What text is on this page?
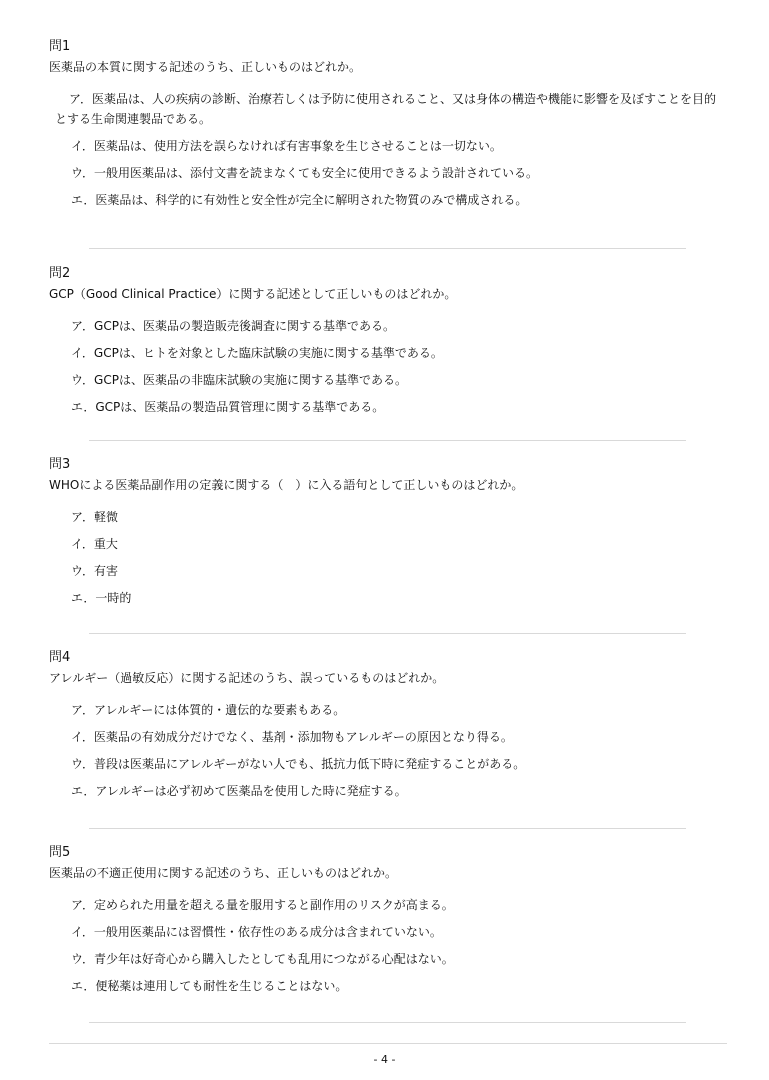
問1
医薬品の本質に関する記述のうち、正しいものはどれか。
ア．医薬品は、人の疾病の診断、治療若しくは予防に使用されること、又は身体の構造や機能に影響を及ぼすことを目的とする生命関連製品である。
イ．医薬品は、使用方法を誤らなければ有害事象を生じさせることは一切ない。
ウ．一般用医薬品は、添付文書を読まなくても安全に使用できるよう設計されている。
エ．医薬品は、科学的に有効性と安全性が完全に解明された物質のみで構成される。
問2
GCP（Good Clinical Practice）に関する記述として正しいものはどれか。
ア．GCPは、医薬品の製造販売後調査に関する基準である。
イ．GCPは、ヒトを対象とした臨床試験の実施に関する基準である。
ウ．GCPは、医薬品の非臨床試験の実施に関する基準である。
エ．GCPは、医薬品の製造品質管理に関する基準である。
問3
WHOによる医薬品副作用の定義に関する（　）に入る語句として正しいものはどれか。
ア．軽微
イ．重大
ウ．有害
エ．一時的
問4
アレルギー（過敏反応）に関する記述のうち、誤っているものはどれか。
ア．アレルギーには体質的・遺伝的な要素もある。
イ．医薬品の有効成分だけでなく、基剤・添加物もアレルギーの原因となり得る。
ウ．普段は医薬品にアレルギーがない人でも、抵抗力低下時に発症することがある。
エ．アレルギーは必ず初めて医薬品を使用した時に発症する。
問5
医薬品の不適正使用に関する記述のうち、正しいものはどれか。
ア．定められた用量を超える量を服用すると副作用のリスクが高まる。
イ．一般用医薬品には習慣性・依存性のある成分は含まれていない。
ウ．青少年は好奇心から購入したとしても乱用につながる心配はない。
エ．便秘薬は連用しても耐性を生じることはない。
- 4 -
